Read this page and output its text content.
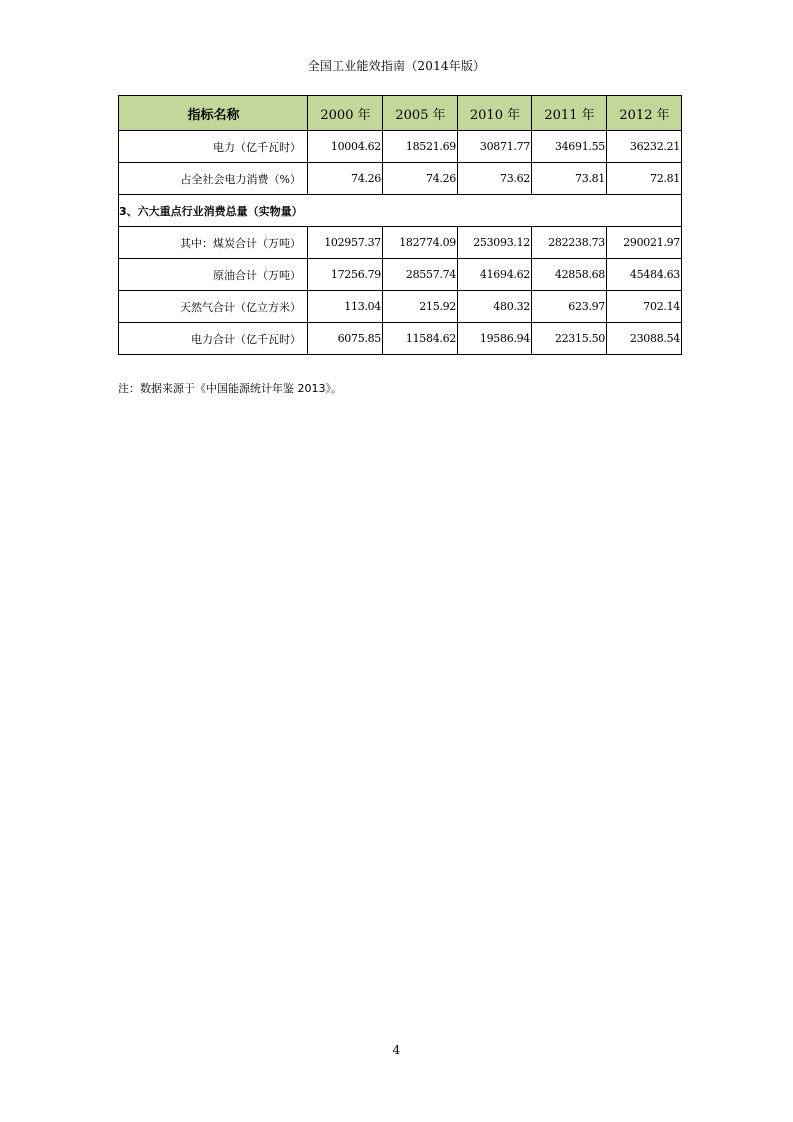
全国工业能效指南（2014年版）
指标名称	2000 年	2005 年	2010 年	2011 年	2012 年
电力（亿千瓦时）	10004.62	18521.69	30871.77	34691.55	36232.21
占全社会电力消费（%）	74.26	74.26	73.62	73.81	72.81
3、六大重点行业消费总量（实物量）					
其中：煤炭合计（万吨）	102957.37	182774.09	253093.12	282238.73	290021.97
原油合计（万吨）	17256.79	28557.74	41694.62	42858.68	45484.63
天然气合计（亿立方米）	113.04	215.92	480.32	623.97	702.14
电力合计（亿千瓦时）	6075.85	11584.62	19586.94	22315.50	23088.54
注：数据来源于《中国能源统计年鉴 2013》。
4
